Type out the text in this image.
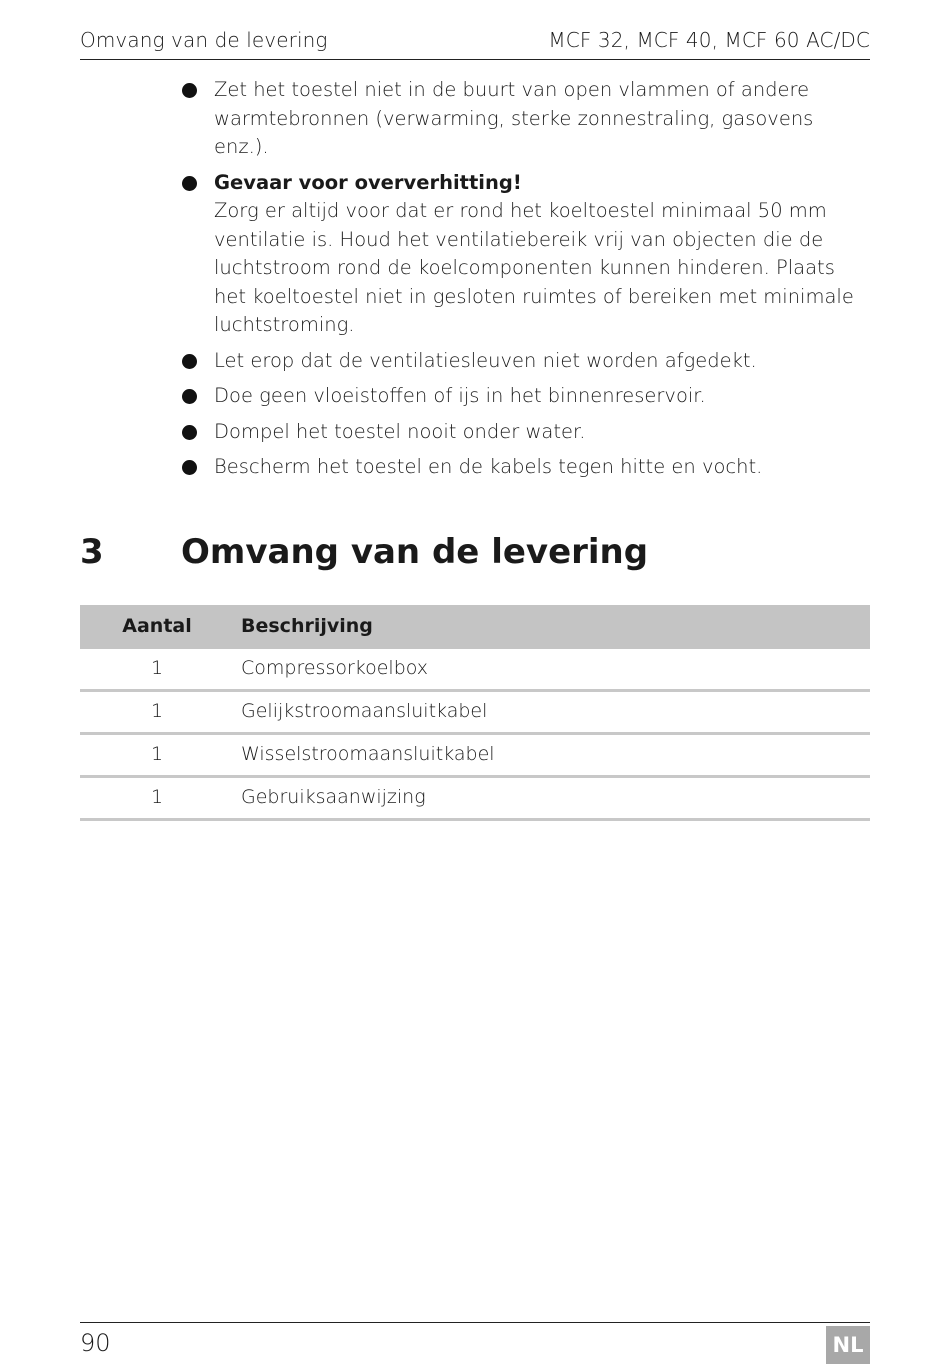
Omvang van de levering	MCF 32, MCF 40, MCF 60 AC/DC
Zet het toestel niet in de buurt van open vlammen of andere warmtebronnen (verwarming, sterke zonnestraling, gasovens enz.).
Gevaar voor oververhitting!
Zorg er altijd voor dat er rond het koeltoestel minimaal 50 mm ventilatie is. Houd het ventilatiebereik vrij van objecten die de luchtstroom rond de koelcomponenten kunnen hinderen. Plaats het koeltoestel niet in gesloten ruimtes of bereiken met minimale luchtstroming.
Let erop dat de ventilatiesleuven niet worden afgedekt.
Doe geen vloeistoffen of ijs in het binnenreservoir.
Dompel het toestel nooit onder water.
Bescherm het toestel en de kabels tegen hitte en vocht.
3 Omvang van de levering
Aantal	Beschrijving
1	Compressorkoelbox
1	Gelijkstroomaansluitkabel
1	Wisselstroomaansluitkabel
1	Gebruiksaanwijzing
90	NL
